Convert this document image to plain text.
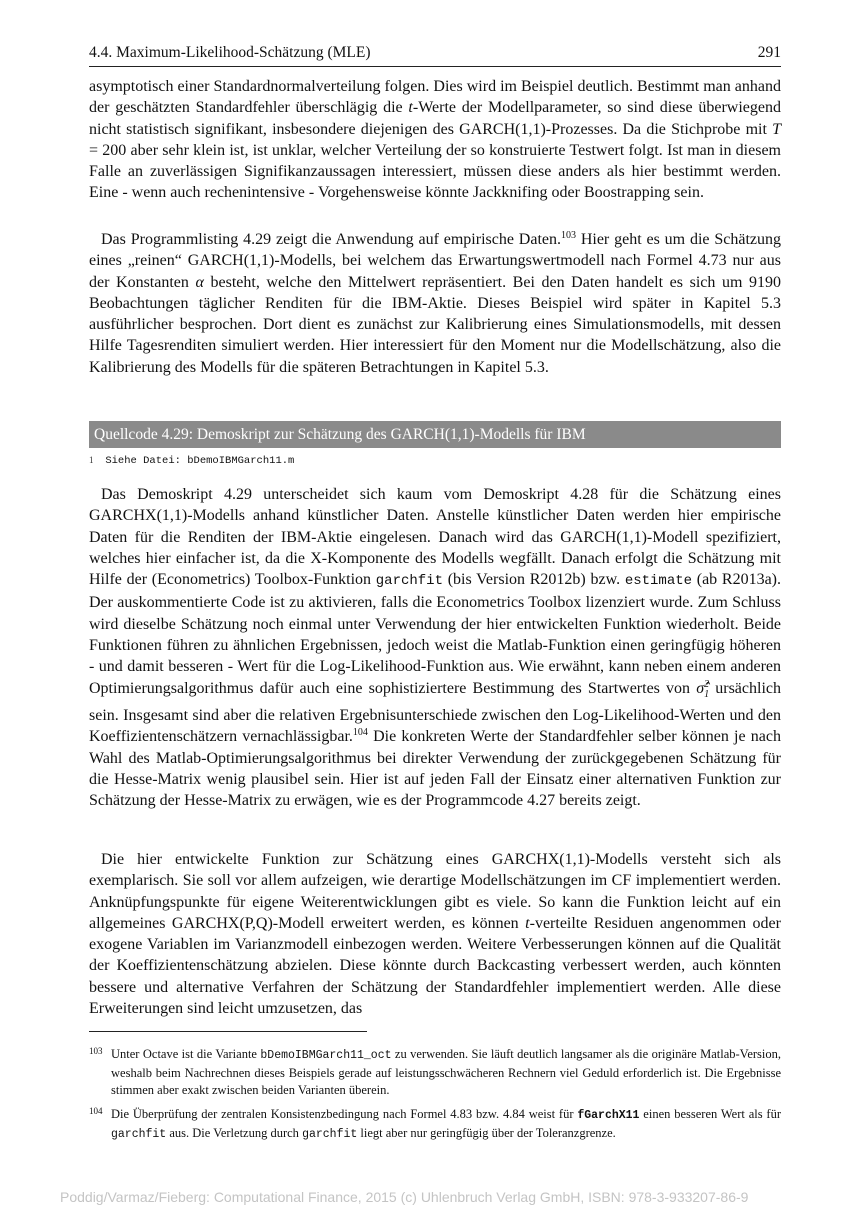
4.4. Maximum-Likelihood-Schätzung (MLE)	291

asymptotisch einer Standardnormalverteilung folgen. Dies wird im Beispiel deutlich. Bestimmt man anhand der geschätzten Standardfehler überschlägig die t-Werte der Modellparameter, so sind diese überwiegend nicht statistisch signifikant, insbesondere diejenigen des GARCH(1,1)-Prozesses. Da die Stichprobe mit T = 200 aber sehr klein ist, ist unklar, welcher Verteilung der so konstruierte Testwert folgt. Ist man in diesem Falle an zuverlässigen Signifikanzaussagen interessiert, müssen diese anders als hier bestimmt werden. Eine - wenn auch rechenintensive - Vorgehensweise könnte Jackknifing oder Boostrapping sein.

Das Programmlisting 4.29 zeigt die Anwendung auf empirische Daten.$^{103}$ Hier geht es um die Schätzung eines „reinen“ GARCH(1,1)-Modells, bei welchem das Erwartungswertmodell nach Formel 4.73 nur aus der Konstanten α besteht, welche den Mittelwert repräsentiert. Bei den Daten handelt es sich um 9190 Beobachtungen täglicher Renditen für die IBM-Aktie. Dieses Beispiel wird später in Kapitel 5.3 ausführlicher besprochen. Dort dient es zunächst zur Kalibrierung eines Simulationsmodells, mit dessen Hilfe Tagesrenditen simuliert werden. Hier interessiert für den Moment nur die Modellschätzung, also die Kalibrierung des Modells für die späteren Betrachtungen in Kapitel 5.3.

Quellcode 4.29: Demoskript zur Schätzung des GARCH(1,1)-Modells für IBM
1 Siehe Datei: bDemoIBMGarch11.m

Das Demoskript 4.29 unterscheidet sich kaum vom Demoskript 4.28 für die Schätzung eines GARCHX(1,1)-Modells anhand künstlicher Daten. Anstelle künstlicher Daten werden hier empirische Daten für die Renditen der IBM-Aktie eingelesen. Danach wird das GARCH(1,1)-Modell spezifiziert, welches hier einfacher ist, da die X-Komponente des Modells wegfällt. Danach erfolgt die Schätzung mit Hilfe der (Econometrics) Toolbox-Funktion garchfit (bis Version R2012b) bzw. estimate (ab R2013a). Der auskommentierte Code ist zu aktivieren, falls die Econometrics Toolbox lizenziert wurde. Zum Schluss wird dieselbe Schätzung noch einmal unter Verwendung der hier entwickelten Funktion wiederholt. Beide Funktionen führen zu ähnlichen Ergebnissen, jedoch weist die Matlab-Funktion einen geringfügig höheren - und damit besseren - Wert für die Log-Likelihood-Funktion aus. Wie erwähnt, kann neben einem anderen Optimierungsalgorithmus dafür auch eine sophistiziertere Bestimmung des Startwertes von $\sigmâ_1^2$ ursächlich sein. Insgesamt sind aber die relativen Ergebnisunterschiede zwischen den Log-Likelihood-Werten und den Koeffizientenschätzern vernachlässigbar.$^{104}$ Die konkreten Werte der Standardfehler selber können je nach Wahl des Matlab-Optimierungsalgorithmus bei direkter Verwendung der zurückgegebenen Schätzung für die Hesse-Matrix wenig plausibel sein. Hier ist auf jeden Fall der Einsatz einer alternativen Funktion zur Schätzung der Hesse-Matrix zu erwägen, wie es der Programmcode 4.27 bereits zeigt.

Die hier entwickelte Funktion zur Schätzung eines GARCHX(1,1)-Modells versteht sich als exemplarisch. Sie soll vor allem aufzeigen, wie derartige Modellschätzungen im CF implementiert werden. Anknüpfungspunkte für eigene Weiterentwicklungen gibt es viele. So kann die Funktion leicht auf ein allgemeines GARCHX(P,Q)-Modell erweitert werden, es können t-verteilte Residuen angenommen oder exogene Variablen im Varianzmodell einbezogen werden. Weitere Verbesserungen können auf die Qualität der Koeffizientenschätzung abzielen. Diese könnte durch Backcasting verbessert werden, auch könnten bessere und alternative Verfahren der Schätzung der Standardfehler implementiert werden. Alle diese Erweiterungen sind leicht umzusetzen, das

103 Unter Octave ist die Variante bDemoIBMGarch11_oct zu verwenden. Sie läuft deutlich langsamer als die originäre Matlab-Version, weshalb beim Nachrechnen dieses Beispiels gerade auf leistungsschwächeren Rechnern viel Geduld erforderlich ist. Die Ergebnisse stimmen aber exakt zwischen beiden Varianten überein.
104 Die Überprüfung der zentralen Konsistenzbedingung nach Formel 4.83 bzw. 4.84 weist für fGarchX11 einen besseren Wert als für garchfit aus. Die Verletzung durch garchfit liegt aber nur geringfügig über der Toleranzgrenze.
Poddig/Varmaz/Fieberg: Computational Finance, 2015 (c) Uhlenbruch Verlag GmbH, ISBN: 978-3-933207-86-9
